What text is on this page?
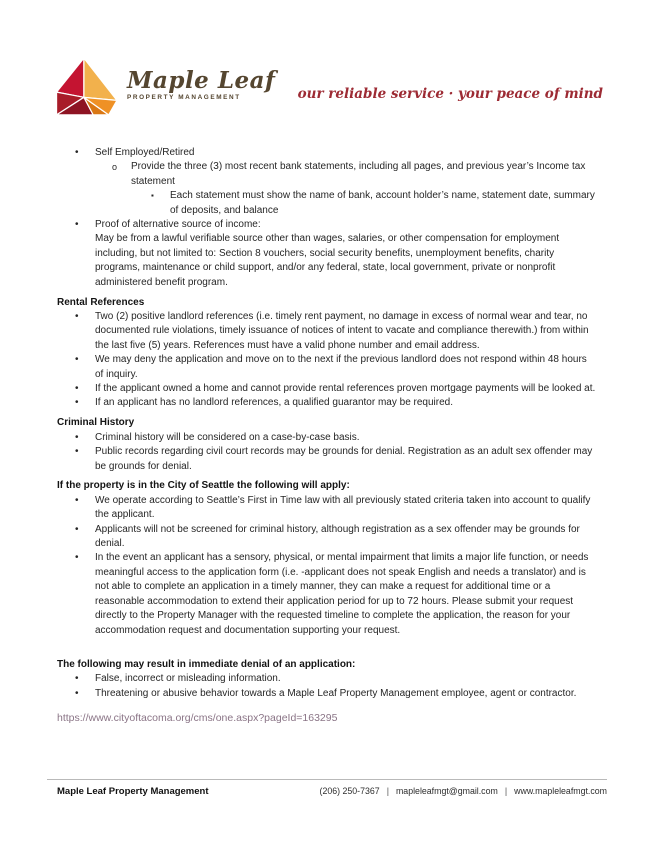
Maple Leaf
PROPERTY MANAGEMENT	our reliable service · your peace of mind
• Self Employed/Retired
o Provide the three (3) most recent bank statements, including all pages, and previous year’s Income tax statement
▪ Each statement must show the name of bank, account holder’s name, statement date, summary of deposits, and balance
• Proof of alternative source of income:
May be from a lawful verifiable source other than wages, salaries, or other compensation for employment including, but not limited to: Section 8 vouchers, social security benefits, unemployment benefits, charity programs, maintenance or child support, and/or any federal, state, local government, private or nonprofit administered benefit program.
Rental References
• Two (2) positive landlord references (i.e. timely rent payment, no damage in excess of normal wear and tear, no documented rule violations, timely issuance of notices of intent to vacate and compliance therewith.) from within the last five (5) years. References must have a valid phone number and email address.
• We may deny the application and move on to the next if the previous landlord does not respond within 48 hours of inquiry.
• If the applicant owned a home and cannot provide rental references proven mortgage payments will be looked at.
• If an applicant has no landlord references, a qualified guarantor may be required.
Criminal History
• Criminal history will be considered on a case-by-case basis.
• Public records regarding civil court records may be grounds for denial. Registration as an adult sex offender may be grounds for denial.
If the property is in the City of Seattle the following will apply:
• We operate according to Seattle’s First in Time law with all previously stated criteria taken into account to qualify the applicant.
• Applicants will not be screened for criminal history, although registration as a sex offender may be grounds for denial.
• In the event an applicant has a sensory, physical, or mental impairment that limits a major life function, or needs meaningful access to the application form (i.e. -applicant does not speak English and needs a translator) and is not able to complete an application in a timely manner, they can make a request for additional time or a reasonable accommodation to extend their application period for up to 72 hours. Please submit your request directly to the Property Manager with the requested timeline to complete the application, the reason for your accommodation request and documentation supporting your request.
The following may result in immediate denial of an application:
• False, incorrect or misleading information.
• Threatening or abusive behavior towards a Maple Leaf Property Management employee, agent or contractor.
https://www.cityoftacoma.org/cms/one.aspx?pageId=163295
Maple Leaf Property Management	(206) 250-7367 | mapleleafmgt@gmail.com | www.mapleleafmgt.com
